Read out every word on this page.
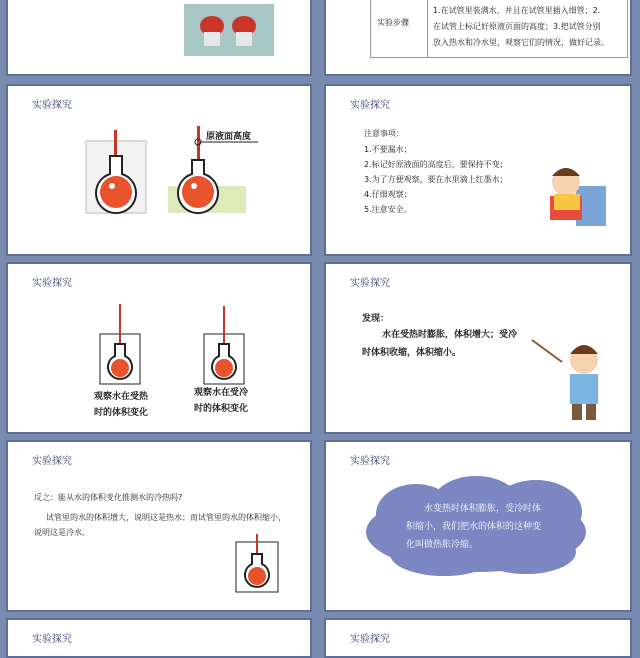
实验步骤
1.在试管里装满水，并且在试管里插入细管；2.
在试管上标记好原液页面的高度；3.把试管分别
放入热水和冷水里，观察它们的情况，做好记录。
实验探究
原液面高度
实验探究
注意事项：
1.不要漏水；
2.标记好原液面的高度后，要保持不变；
3.为了方便观察，要在水里滴上红墨水；
4.仔细观察；
5.注意安全。
实验探究
观察水在受热
时的体积变化
观察水在受冷
时的体积变化
实验探究
发现：
水在受热时膨胀，体积增大；受冷
时体积收缩，体积缩小。
实验探究
反之：能从水的体积变化推测水的冷热吗?
试管里的水的体积增大，说明这是热水；而试管里的水的体积缩小，
说明这是冷水。
实验探究
水变热时体积膨胀，受冷时体
积缩小，我们把水的体积的这种变
化叫做热胀冷缩。
实验探究	实验探究
